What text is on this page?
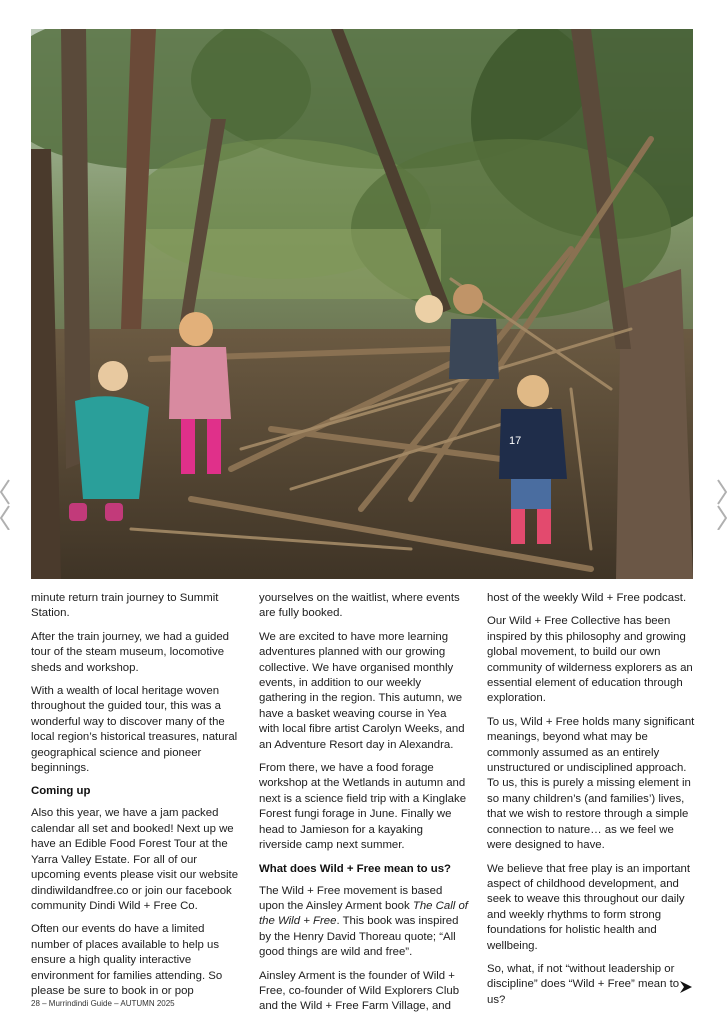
17

minute return train journey to Summit Station.

After the train journey, we had a guided tour of the steam museum, locomotive sheds and workshop.

With a wealth of local heritage woven throughout the guided tour, this was a wonderful way to discover many of the local region’s historical treasures, natural geographical science and pioneer beginnings.

Coming up

Also this year, we have a jam packed calendar all set and booked! Next up we have an Edible Food Forest Tour at the Yarra Valley Estate. For all of our upcoming events please visit our website dindiwildandfree.co or join our facebook community Dindi Wild + Free Co.

Often our events do have a limited number of places available to help us ensure a high quality interactive environment for families attending. So please be sure to book in or pop

yourselves on the waitlist, where events are fully booked.

We are excited to have more learning adventures planned with our growing collective. We have organised monthly events, in addition to our weekly gathering in the region. This autumn, we have a basket weaving course in Yea with local fibre artist Carolyn Weeks, and an Adventure Resort day in Alexandra.

From there, we have a food forage workshop at the Wetlands in autumn and next is a science field trip with a Kinglake Forest fungi forage in June. Finally we head to Jamieson for a kayaking riverside camp next summer.

What does Wild + Free mean to us?

The Wild + Free movement is based upon the Ainsley Arment book The Call of the Wild + Free. This book was inspired by the Henry David Thoreau quote; “All good things are wild and free”.

Ainsley Arment is the founder of Wild + Free, co-founder of Wild Explorers Club and the Wild + Free Farm Village, and

host of the weekly Wild + Free podcast.

Our Wild + Free Collective has been inspired by this philosophy and growing global movement, to build our own community of wilderness explorers as an essential element of education through exploration.

To us, Wild + Free holds many significant meanings, beyond what may be commonly assumed as an entirely unstructured or undisciplined approach. To us, this is purely a missing element in so many children’s (and families’) lives, that we wish to restore through a simple connection to nature… as we feel we were designed to have.

We believe that free play is an important aspect of childhood development, and seek to weave this throughout our daily and weekly rhythms to form strong foundations for holistic health and wellbeing.

So, what, if not “without leadership or discipline” does “Wild + Free” mean to us?

28 – Murrindindi Guide – AUTUMN 2025
